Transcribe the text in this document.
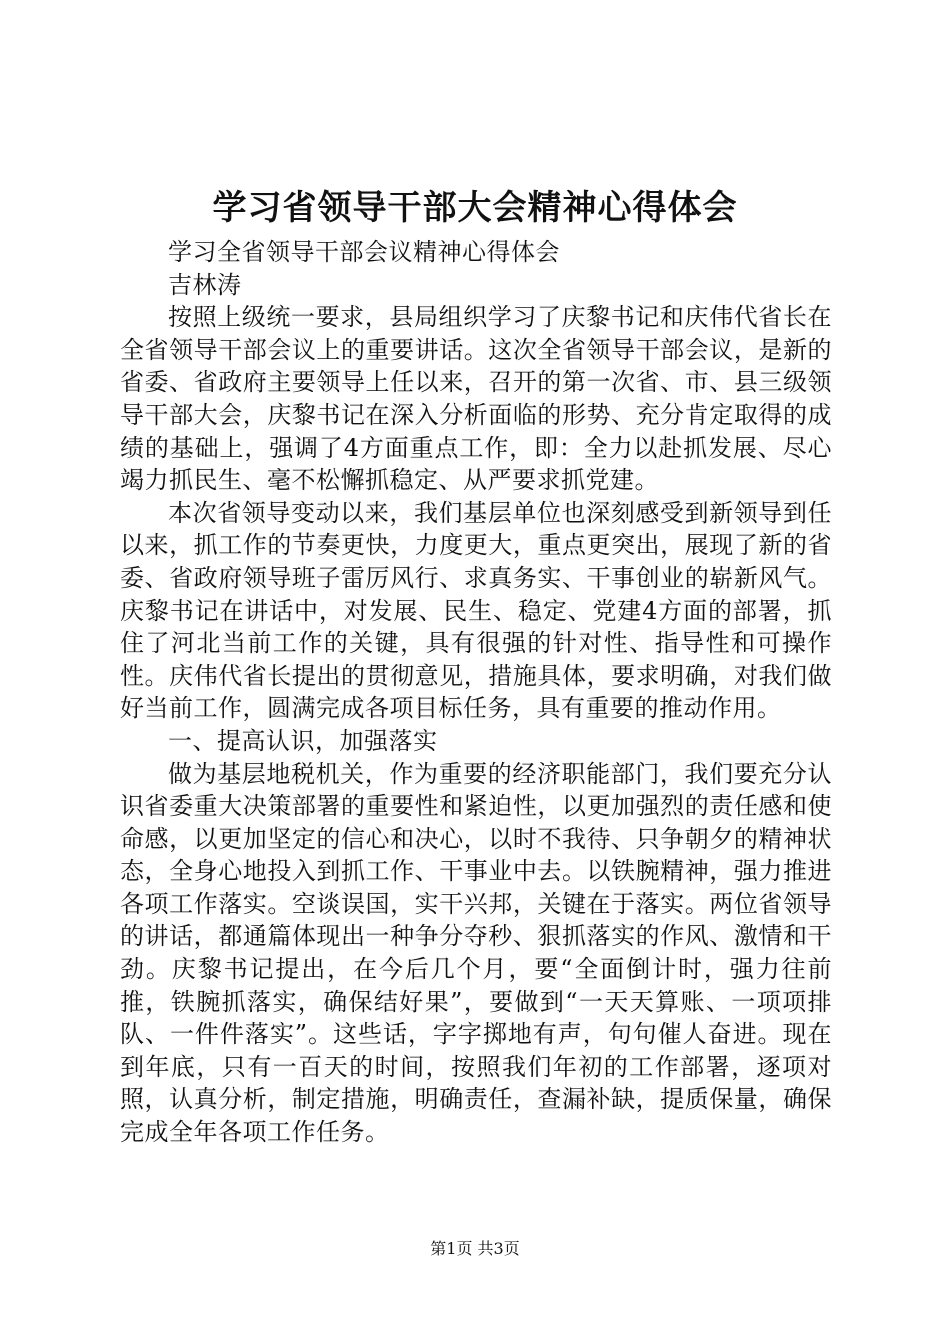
学习省领导干部大会精神心得体会

学习全省领导干部会议精神心得体会

吉林涛

按照上级统一要求，县局组织学习了庆黎书记和庆伟代省长在全省领导干部会议上的重要讲话。这次全省领导干部会议，是新的省委、省政府主要领导上任以来，召开的第一次省、市、县三级领导干部大会，庆黎书记在深入分析面临的形势、充分肯定取得的成绩的基础上，强调了4方面重点工作，即：全力以赴抓发展、尽心竭力抓民生、毫不松懈抓稳定、从严要求抓党建。

本次省领导变动以来，我们基层单位也深刻感受到新领导到任以来，抓工作的节奏更快，力度更大，重点更突出，展现了新的省委、省政府领导班子雷厉风行、求真务实、干事创业的崭新风气。庆黎书记在讲话中，对发展、民生、稳定、党建4方面的部署，抓住了河北当前工作的关键，具有很强的针对性、指导性和可操作性。庆伟代省长提出的贯彻意见，措施具体，要求明确，对我们做好当前工作，圆满完成各项目标任务，具有重要的推动作用。

一、提高认识，加强落实

做为基层地税机关，作为重要的经济职能部门，我们要充分认识省委重大决策部署的重要性和紧迫性，以更加强烈的责任感和使命感，以更加坚定的信心和决心，以时不我待、只争朝夕的精神状态，全身心地投入到抓工作、干事业中去。以铁腕精神，强力推进各项工作落实。空谈误国，实干兴邦，关键在于落实。两位省领导的讲话，都通篇体现出一种争分夺秒、狠抓落实的作风、激情和干劲。庆黎书记提出，在今后几个月，要“全面倒计时，强力往前推，铁腕抓落实，确保结好果”，要做到“一天天算账、一项项排队、一件件落实”。这些话，字字掷地有声，句句催人奋进。现在到年底，只有一百天的时间，按照我们年初的工作部署，逐项对照，认真分析，制定措施，明确责任，查漏补缺，提质保量，确保完成全年各项工作任务。

第1页 共3页
